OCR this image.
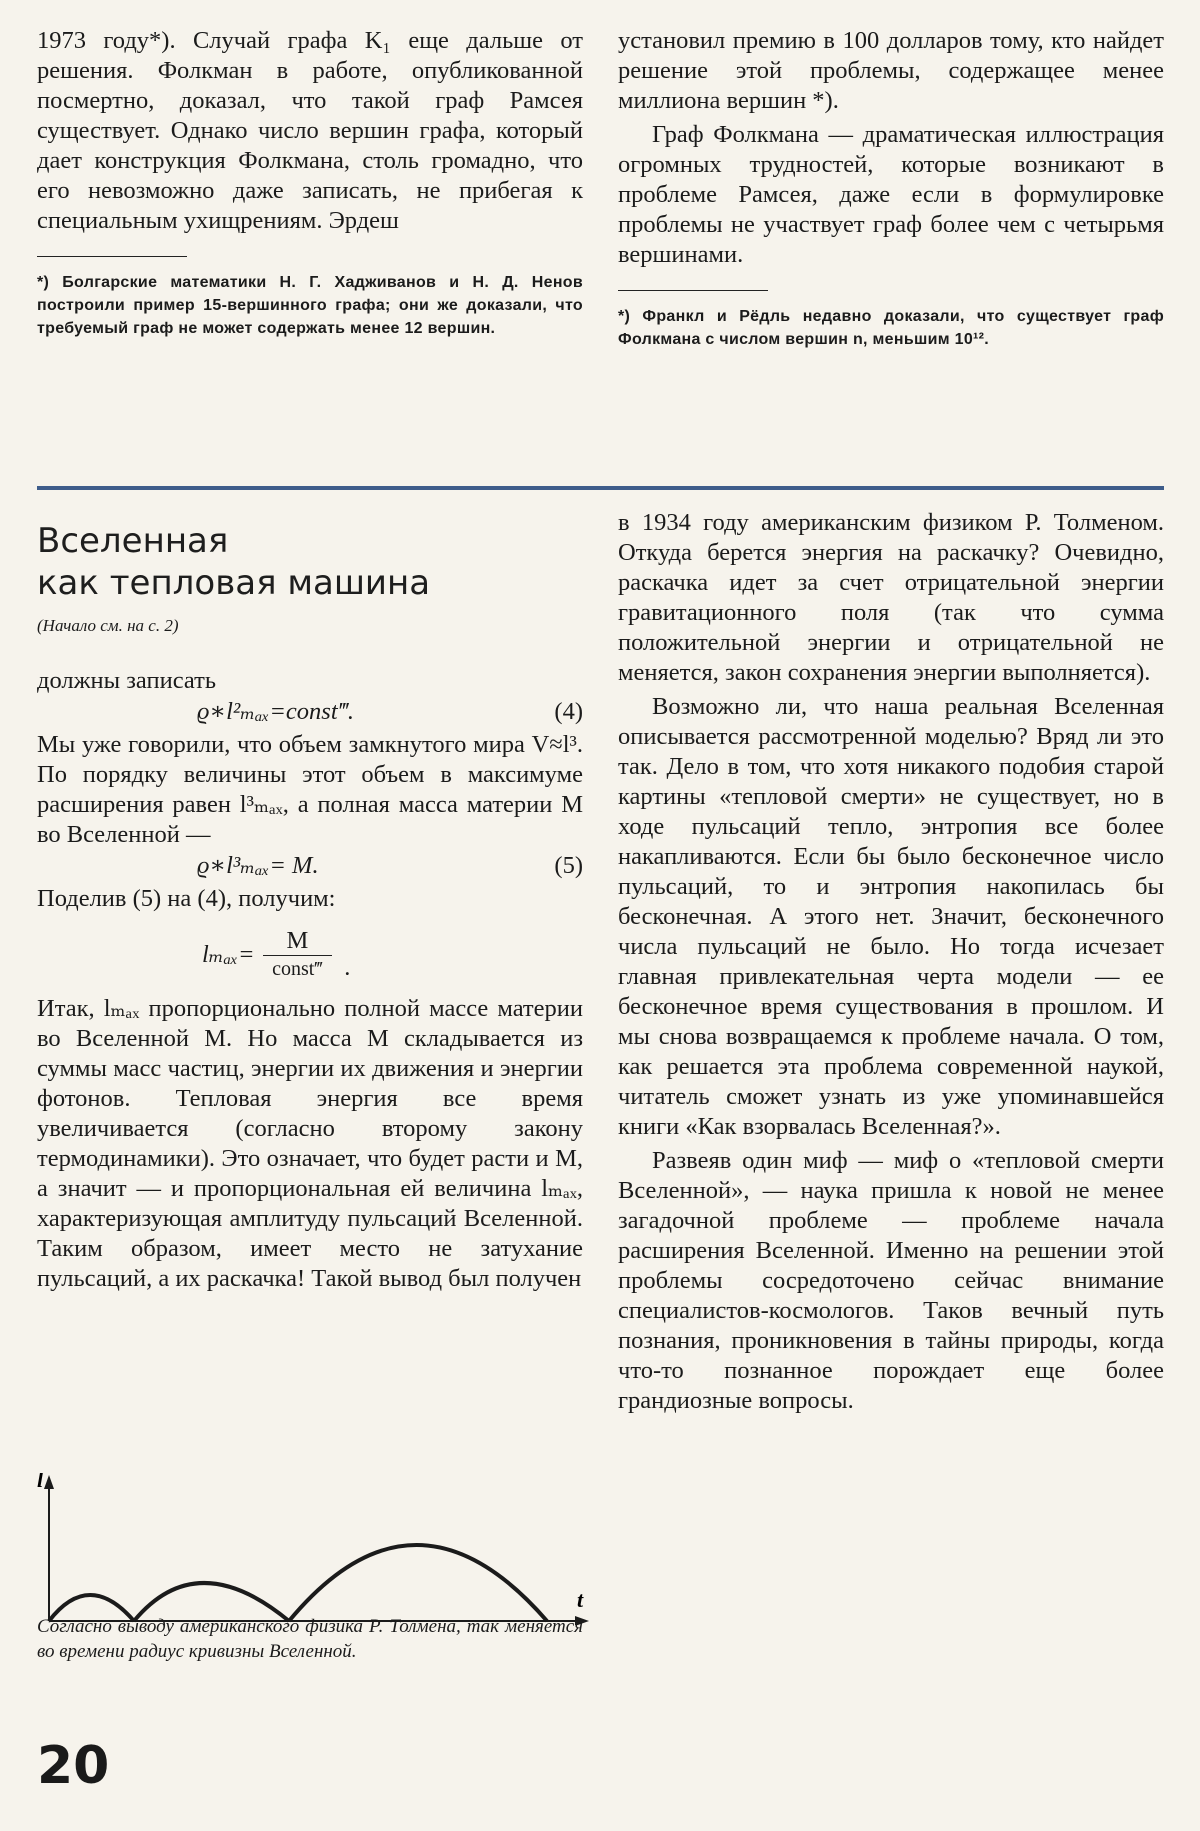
1973 году*). Случай графа K₁ еще дальше от решения. Фолкман в работе, опубликованной посмертно, доказал, что такой граф Рамсея существует. Однако число вершин графа, который дает конструкция Фолкмана, столь громадно, что его невозможно даже записать, не прибегая к специальным ухищрениям. Эрдеш

*) Болгарские математики Н. Г. Хадживанов и Н. Д. Ненов построили пример 15-вершинного графа; они же доказали, что требуемый граф не может содержать менее 12 вершин.

установил премию в 100 долларов тому, кто найдет решение этой проблемы, содержащее менее миллиона вершин *).

Граф Фолкмана — драматическая иллюстрация огромных трудностей, которые возникают в проблеме Рамсея, даже если в формулировке проблемы не участвует граф более чем с четырьмя вершинами.

*) Франкл и Рёдль недавно доказали, что существует граф Фолкмана с числом вершин n, меньшим 10¹².

Вселенная
как тепловая машина

(Начало см. на с. 2)

должны записать

ϱ∗l²ₘₐₓ=const‴.	(4)

Мы уже говорили, что объем замкнутого мира V≈l³. По порядку величины этот объем в максимуме расширения равен l³ₘₐₓ, а полная масса материи М во Вселенной —

ϱ∗l³ₘₐₓ= М.	(5)

Поделив (5) на (4), получим:

$l_{max}= \frac{М}{\text{const‴}}$ .

Итак, lₘₐₓ пропорционально полной массе материи во Вселенной М. Но масса М складывается из суммы масс частиц, энергии их движения и энергии фотонов. Тепловая энергия все время увеличивается (согласно второму закону термодинамики). Это означает, что будет расти и М, а значит — и пропорциональная ей величина lₘₐₓ, характеризующая амплитуду пульсаций Вселенной. Таким образом, имеет место не затухание пульсаций, а их раскачка! Такой вывод был получен

l
t

Согласно выводу американского физика Р. Толмена, так меняется во времени радиус кривизны Вселенной.

в 1934 году американским физиком Р. Толменом. Откуда берется энергия на раскачку? Очевидно, раскачка идет за счет отрицательной энергии гравитационного поля (так что сумма положительной энергии и отрицательной не меняется, закон сохранения энергии выполняется).

Возможно ли, что наша реальная Вселенная описывается рассмотренной моделью? Вряд ли это так. Дело в том, что хотя никакого подобия старой картины «тепловой смерти» не существует, но в ходе пульсаций тепло, энтропия все более накапливаются. Если бы было бесконечное число пульсаций, то и энтропия накопилась бы бесконечная. А этого нет. Значит, бесконечного числа пульсаций не было. Но тогда исчезает главная привлекательная черта модели — ее бесконечное время существования в прошлом. И мы снова возвращаемся к проблеме начала. О том, как решается эта проблема современной наукой, читатель сможет узнать из уже упоминавшейся книги «Как взорвалась Вселенная?».

Развеяв один миф — миф о «тепловой смерти Вселенной», — наука пришла к новой не менее загадочной проблеме — проблеме начала расширения Вселенной. Именно на решении этой проблемы сосредоточено сейчас внимание специалистов-космологов. Таков вечный путь познания, проникновения в тайны природы, когда что-то познанное порождает еще более грандиозные вопросы.

20
